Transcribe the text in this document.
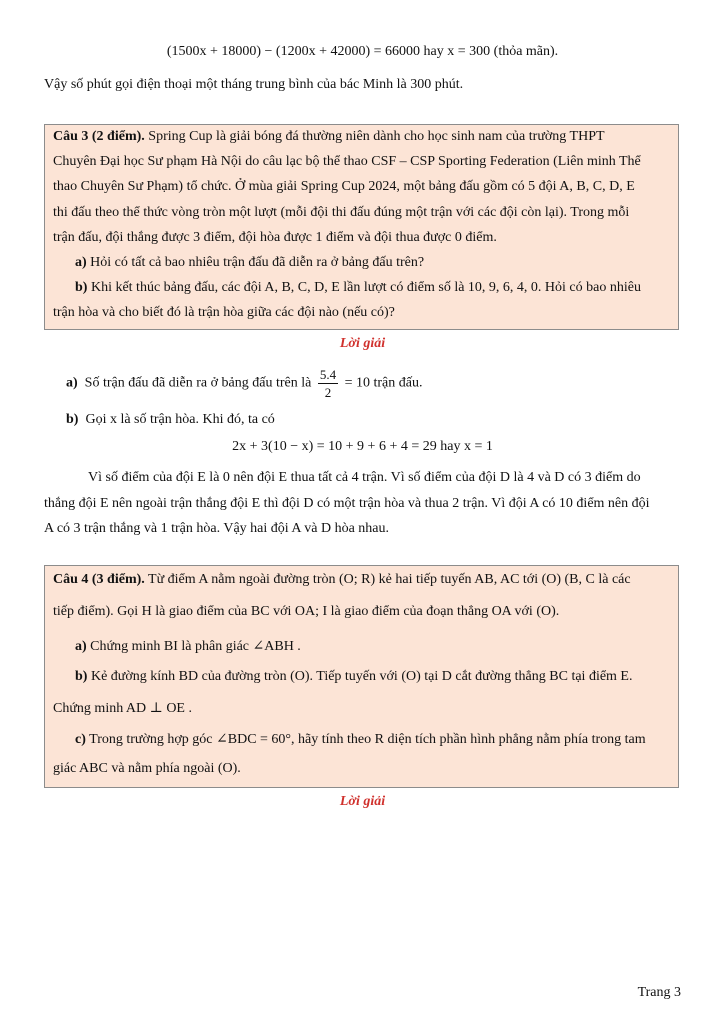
(1500x + 18000) − (1200x + 42000) = 66000 hay x = 300 (thỏa mãn).
Vậy số phút gọi điện thoại một tháng trung bình của bác Minh là 300 phút.
Câu 3 (2 điểm). Spring Cup là giải bóng đá thường niên dành cho học sinh nam của trường THPT
Chuyên Đại học Sư phạm Hà Nội do câu lạc bộ thể thao CSF – CSP Sporting Federation (Liên minh Thể
thao Chuyên Sư Phạm) tổ chức. Ở mùa giải Spring Cup 2024, một bảng đấu gồm có 5 đội A, B, C, D, E
thi đấu theo thể thức vòng tròn một lượt (mỗi đội thi đấu đúng một trận với các đội còn lại). Trong mỗi
trận đấu, đội thắng được 3 điểm, đội hòa được 1 điểm và đội thua được 0 điểm.
a) Hỏi có tất cả bao nhiêu trận đấu đã diễn ra ở bảng đấu trên?
b) Khi kết thúc bảng đấu, các đội A, B, C, D, E lần lượt có điểm số là 10, 9, 6, 4, 0. Hỏi có bao nhiêu
trận hòa và cho biết đó là trận hòa giữa các đội nào (nếu có)?
Lời giải
a) Số trận đấu đã diễn ra ở bảng đấu trên là $\frac{5.4}{2} = 10$ trận đấu.
b) Gọi x là số trận hòa. Khi đó, ta có
2x + 3(10 − x) = 10 + 9 + 6 + 4 = 29 hay x = 1
Vì số điểm của đội E là 0 nên đội E thua tất cả 4 trận. Vì số điểm của đội D là 4 và D có 3 điểm do
thắng đội E nên ngoài trận thắng đội E thì đội D có một trận hòa và thua 2 trận. Vì đội A có 10 điểm nên đội
A có 3 trận thắng và 1 trận hòa. Vậy hai đội A và D hòa nhau.
Câu 4 (3 điểm). Từ điểm A nằm ngoài đường tròn (O; R) kẻ hai tiếp tuyến AB, AC tới (O) (B, C là các
tiếp điểm). Gọi H là giao điểm của BC với OA; I là giao điểm của đoạn thẳng OA với (O).
a) Chứng minh BI là phân giác ∠ABH .
b) Kẻ đường kính BD của đường tròn (O). Tiếp tuyến với (O) tại D cắt đường thẳng BC tại điểm E.
Chứng minh AD ⊥ OE .
c) Trong trường hợp góc ∠BDC = 60°, hãy tính theo R diện tích phần hình phẳng nằm phía trong tam
giác ABC và nằm phía ngoài (O).
Lời giải
Trang 3
